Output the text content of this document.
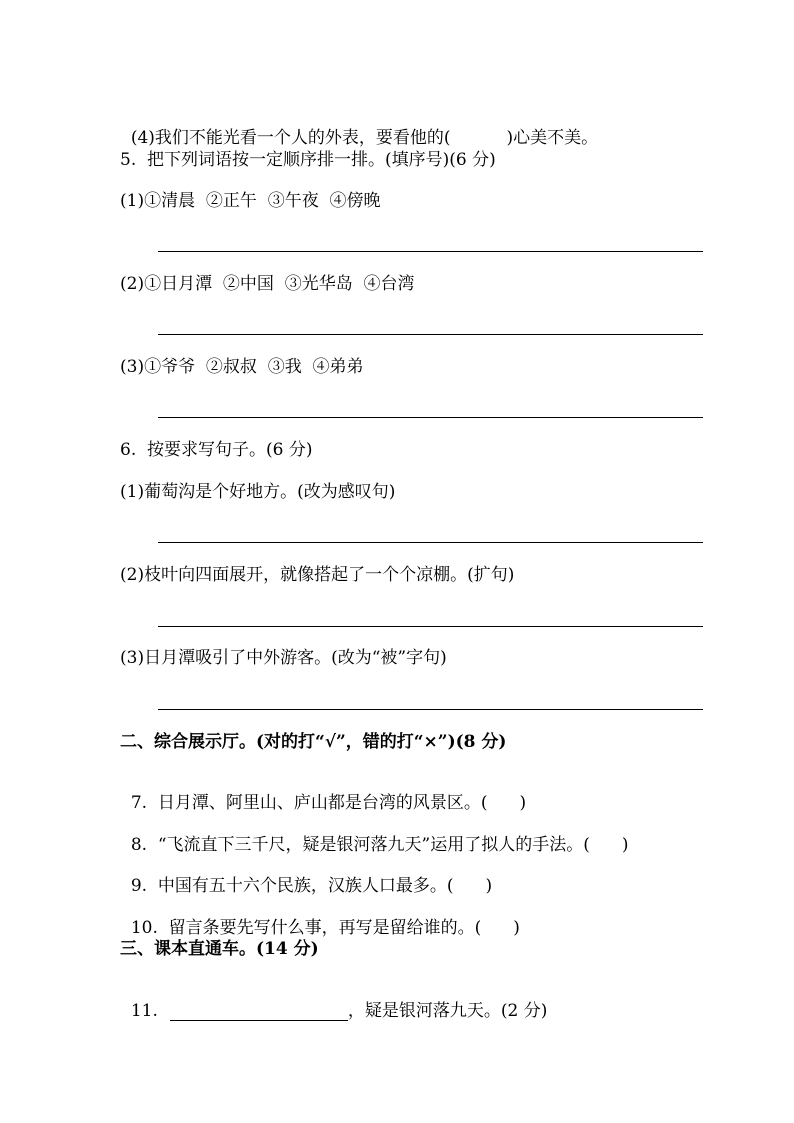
(4)我们不能光看一个人的外表，要看他的(	)心美不美。

5.  把下列词语按一定顺序排一排。(填序号)(6 分)
(1)①清晨  ②正午  ③午夜  ④傍晚
(2)①日月潭  ②中国  ③光华岛  ④台湾
(3)①爷爷  ②叔叔  ③我  ④弟弟
6.  按要求写句子。(6 分)
(1)葡萄沟是个好地方。(改为感叹句)
(2)枝叶向四面展开，就像搭起了一个个凉棚。(扩句)
(3)日月潭吸引了中外游客。(改为“被”字句)
二、综合展示厅。(对的打“√”，错的打“×”)(8 分)

7.  日月潭、阿里山、庐山都是台湾的风景区。( )

8.  “飞流直下三千尺，疑是银河落九天”运用了拟人的手法。( )

9.  中国有五十六个民族，汉族人口最多。( )

10.  留言条要先写什么事，再写是留给谁的。( )

三、课本直通车。(14 分)

11.	，疑是银河落九天。(2 分)
